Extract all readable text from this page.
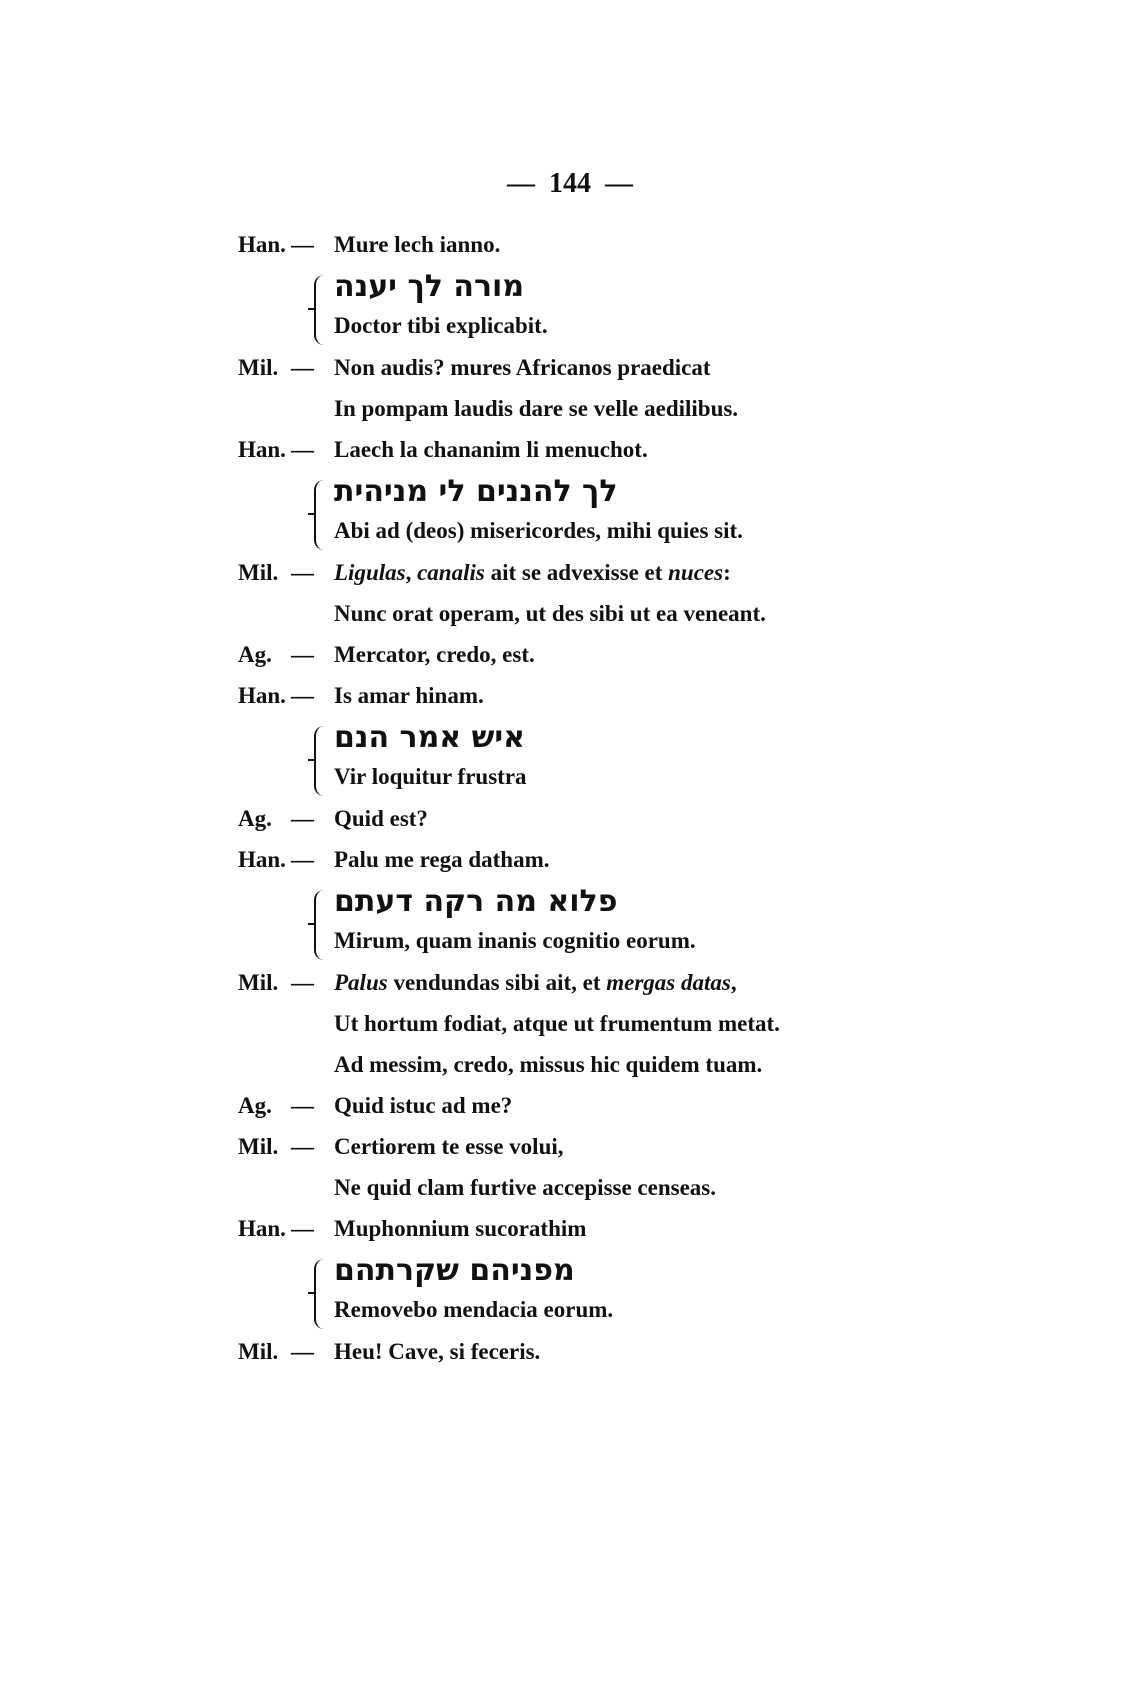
— 144 —
Han. — Mure lech ianno.
מורה לך יענה
Doctor tibi explicabit.
Mil. — Non audis? mures Africanos praedicat
In pompam laudis dare se velle aedilibus.
Han. — Laech la chananim li menuchot.
לך להננים לי מניהית
Abi ad (deos) misericordes, mihi quies sit.
Mil. — Ligulas, canalis ait se advexisse et nuces:
Nunc orat operam, ut des sibi ut ea veneant.
Ag. — Mercator, credo, est.
Han. — Is amar hinam.
איש אמר הנם
Vir loquitur frustra
Ag. — Quid est?
Han. — Palu me rega datham.
פלוא מה רקה דעתם
Mirum, quam inanis cognitio eorum.
Mil. — Palus vendundas sibi ait, et mergas datas,
Ut hortum fodiat, atque ut frumentum metat.
Ad messim, credo, missus hic quidem tuam.
Ag. — Quid istuc ad me?
Mil. — Certiorem te esse volui,
Ne quid clam furtive accepisse censeas.
Han. — Muphonnium sucorathim
מפניהם שקרתהם
Removebo mendacia eorum.
Mil. — Heu! Cave, si feceris.
